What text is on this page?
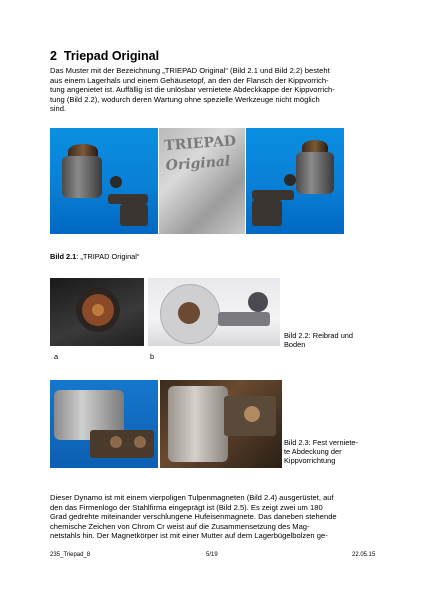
2 Triepad Original
Das Muster mit der Bezeichnung „TRIEPAD Original“ (Bild 2.1 und Bild 2.2) besteht
aus einem Lagerhals und einem Gehäusetopf, an den der Flansch der Kippvorrich-
tung angenietet ist. Auffällig ist die unlösbar vernietete Abdeckkappe der Kippvorrich-
tung (Bild 2.2), wodurch deren Wartung ohne spezielle Werkzeuge nicht möglich
sind.
TRIEPAD
Original
Bild 2.1: „TRIPAD Original“
a	b
Bild 2.2: Reibrad und
Boden
Bild 2.3: Fest verniete-
te Abdeckung der
Kippvorrichtung
Dieser Dynamo ist mit einem vierpoligen Tulpenmagneten (Bild 2.4) ausgerüstet, auf
den das Firmenlogo der Stahlfirma eingeprägt ist (Bild 2.5). Es zeigt zwei um 180
Grad gedrehte miteinander verschlungene Hufeisenmagnete. Das daneben stehende
chemische Zeichen von Chrom Cr weist auf die Zusammensetzung des Mag-
netstahls hin. Der Magnetkörper ist mit einer Mutter auf dem Lagerbügelbolzen ge-
235_Triepad_8	5/19	22.05.15
